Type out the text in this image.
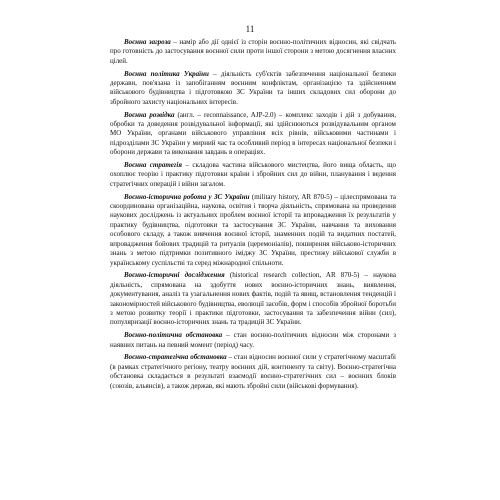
11

Воєнна загроза – намір або дії однієї із сторін воєнно-політичних відносин, які свідчать про готовність до застосування воєнної сили проти іншої сторони з метою досягнення власних цілей.

Воєнна політика України – діяльність суб'єктів забезпечення національної безпеки держави, пов'язана із запобіганням воєнним конфліктам, організацією та здійсненням військового будівництва і підготовкою ЗС України та інших складових сил оборони до збройного захисту національних інтересів.

Воєнна розвідка (англ. – reconnaissance, AJP-2.0) – комплекс заходів і дій з добування, обробки та доведення розвідувальної інформації, які здійснюються розвідувальним органом МО України, органами військового управління всіх рівнів, військовими частинами і підрозділами ЗС України у мирний час та особливий період в інтересах національної безпеки і оборони держави та виконання завдань в операціях.

Воєнна стратегія – складова частина військового мистецтва, його вища область, що охоплює теорію і практику підготовки країни і збройних сил до війни, планування і ведення стратегічних операцій і війни загалом.

Воєнно-історична робота у ЗС України (military history, AR 870-5) – цілеспрямована та скоординована організаційна, наукова, освітня і творча діяльність, спрямована на проведення наукових досліджень із актуальних проблем воєнної історії та впровадження їх результатів у практику будівництва, підготовки та застосування ЗС України, навчання та виховання особового складу, а також вивчення воєнної історії, знаменних подій та видатних постатей, впровадження бойових традицій та ритуалів (церемоніалів), поширення військово-історичних знань з метою підтримки позитивного іміджу ЗС України, престижу військової служби в українському суспільстві та серед міжнародної спільноти.

Воєнно-історичні дослідження (historical research collection, AR 870-5) – наукова діяльність, спрямована на здобуття нових воєнно-історичних знань, виявлення, документування, аналіз та узагальнення нових фактів, подій та явищ, встановлення тенденцій і закономірностей військового будівництва, еволюції засобів, форм і способів збройної боротьби з метою розвитку теорії і практики підготовки, застосування та забезпечення війни (сил), популяризації воєнно-історичних знань та традицій ЗС України.

Воєнно-політична обстановка – стан воєнно-політичних відносин між сторонами з наявних питань на певний момент (період) часу.

Воєнно-стратегічна обстановка – стан відносин воєнної сили у стратегічному масштабі (в рамках стратегічного регіону, театру воєнних дій, континенту та світу). Воєнно-стратегічна обстановка складається в результаті взаємодії воєнно-стратегічних сил – воєнних блоків (союзів, альянсів), а також держав, які мають збройні сили (військові формування).
